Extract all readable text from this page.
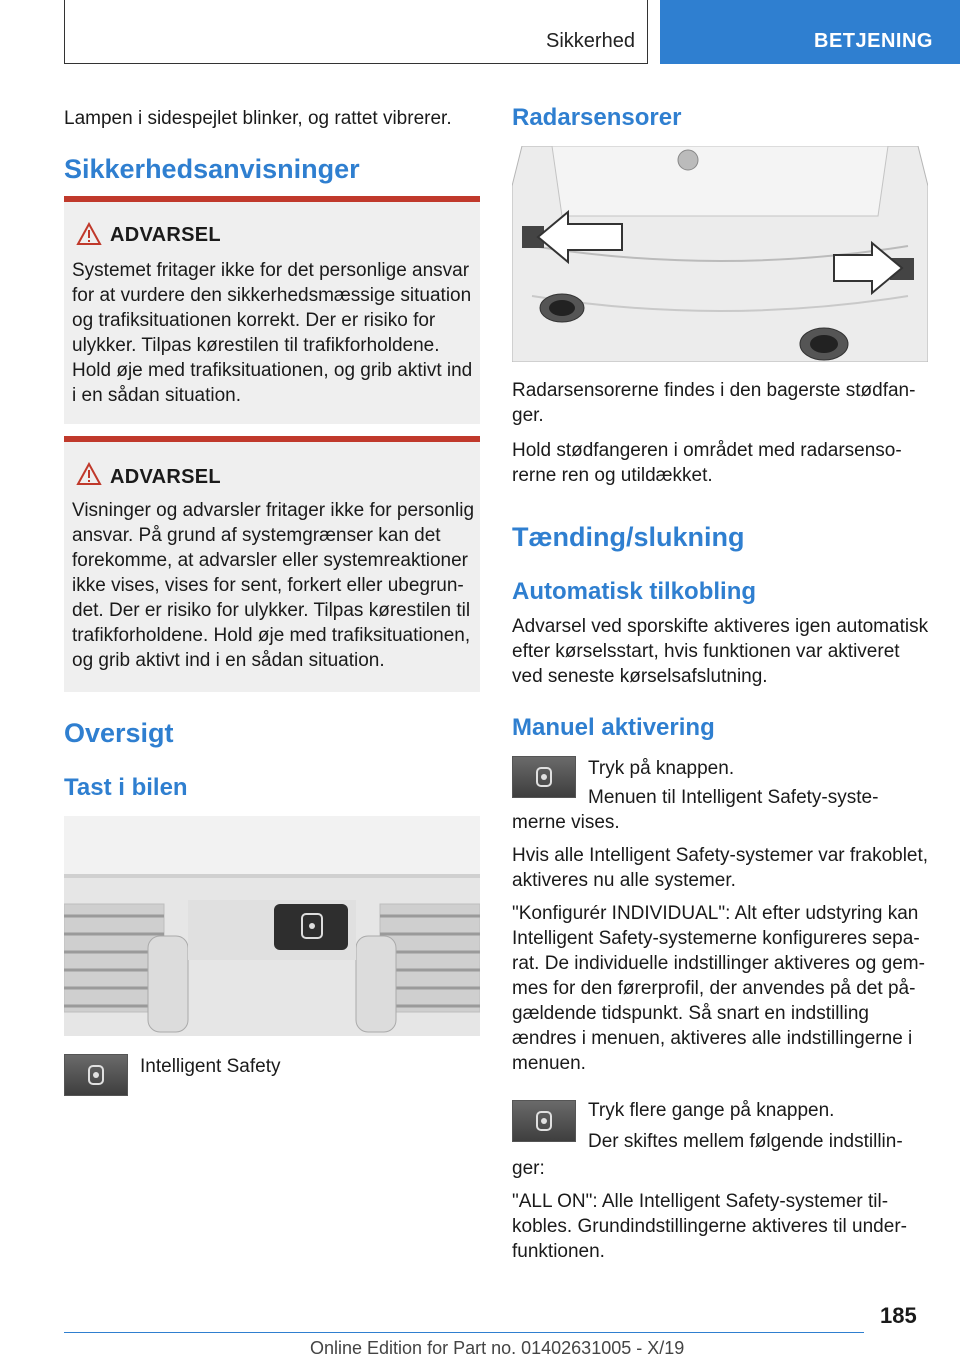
Sikkerhed	BETJENING
Lampen i sidespejlet blinker, og rattet vibrerer.
Sikkerhedsanvisninger
ADVARSEL
Systemet fritager ikke for det personlige ansvar
for at vurdere den sikkerhedsmæssige situation
og trafiksituationen korrekt. Der er risiko for
ulykker. Tilpas kørestilen til trafikforholdene.
Hold øje med trafiksituationen, og grib aktivt ind
i en sådan situation.
ADVARSEL
Visninger og advarsler fritager ikke for personlig
ansvar. På grund af systemgrænser kan det
forekomme, at advarsler eller systemreaktioner
ikke vises, vises for sent, forkert eller ubegrun-
det. Der er risiko for ulykker. Tilpas kørestilen til
trafikforholdene. Hold øje med trafiksituationen,
og grib aktivt ind i en sådan situation.
Oversigt
Tast i bilen
Intelligent Safety
Radarsensorer
Radarsensorerne findes i den bagerste stødfan-
ger.
Hold stødfangeren i området med radarsenso-
rerne ren og utildækket.
Tænding/slukning
Automatisk tilkobling
Advarsel ved sporskifte aktiveres igen automatisk
efter kørselsstart, hvis funktionen var aktiveret
ved seneste kørselsafslutning.
Manuel aktivering
Tryk på knappen.
Menuen til Intelligent Safety-syste-
merne vises.
Hvis alle Intelligent Safety-systemer var frakoblet,
aktiveres nu alle systemer.
"Konfigurér INDIVIDUAL": Alt efter udstyring kan
Intelligent Safety-systemerne konfigureres sepa-
rat. De individuelle indstillinger aktiveres og gem-
mes for den førerprofil, der anvendes på det på-
gældende tidspunkt. Så snart en indstilling
ændres i menuen, aktiveres alle indstillingerne i
menuen.
Tryk flere gange på knappen.
Der skiftes mellem følgende indstillin-
ger:
"ALL ON": Alle Intelligent Safety-systemer til-
kobles. Grundindstillingerne aktiveres til under-
funktionen.
185
Online Edition for Part no. 01402631005 - X/19
